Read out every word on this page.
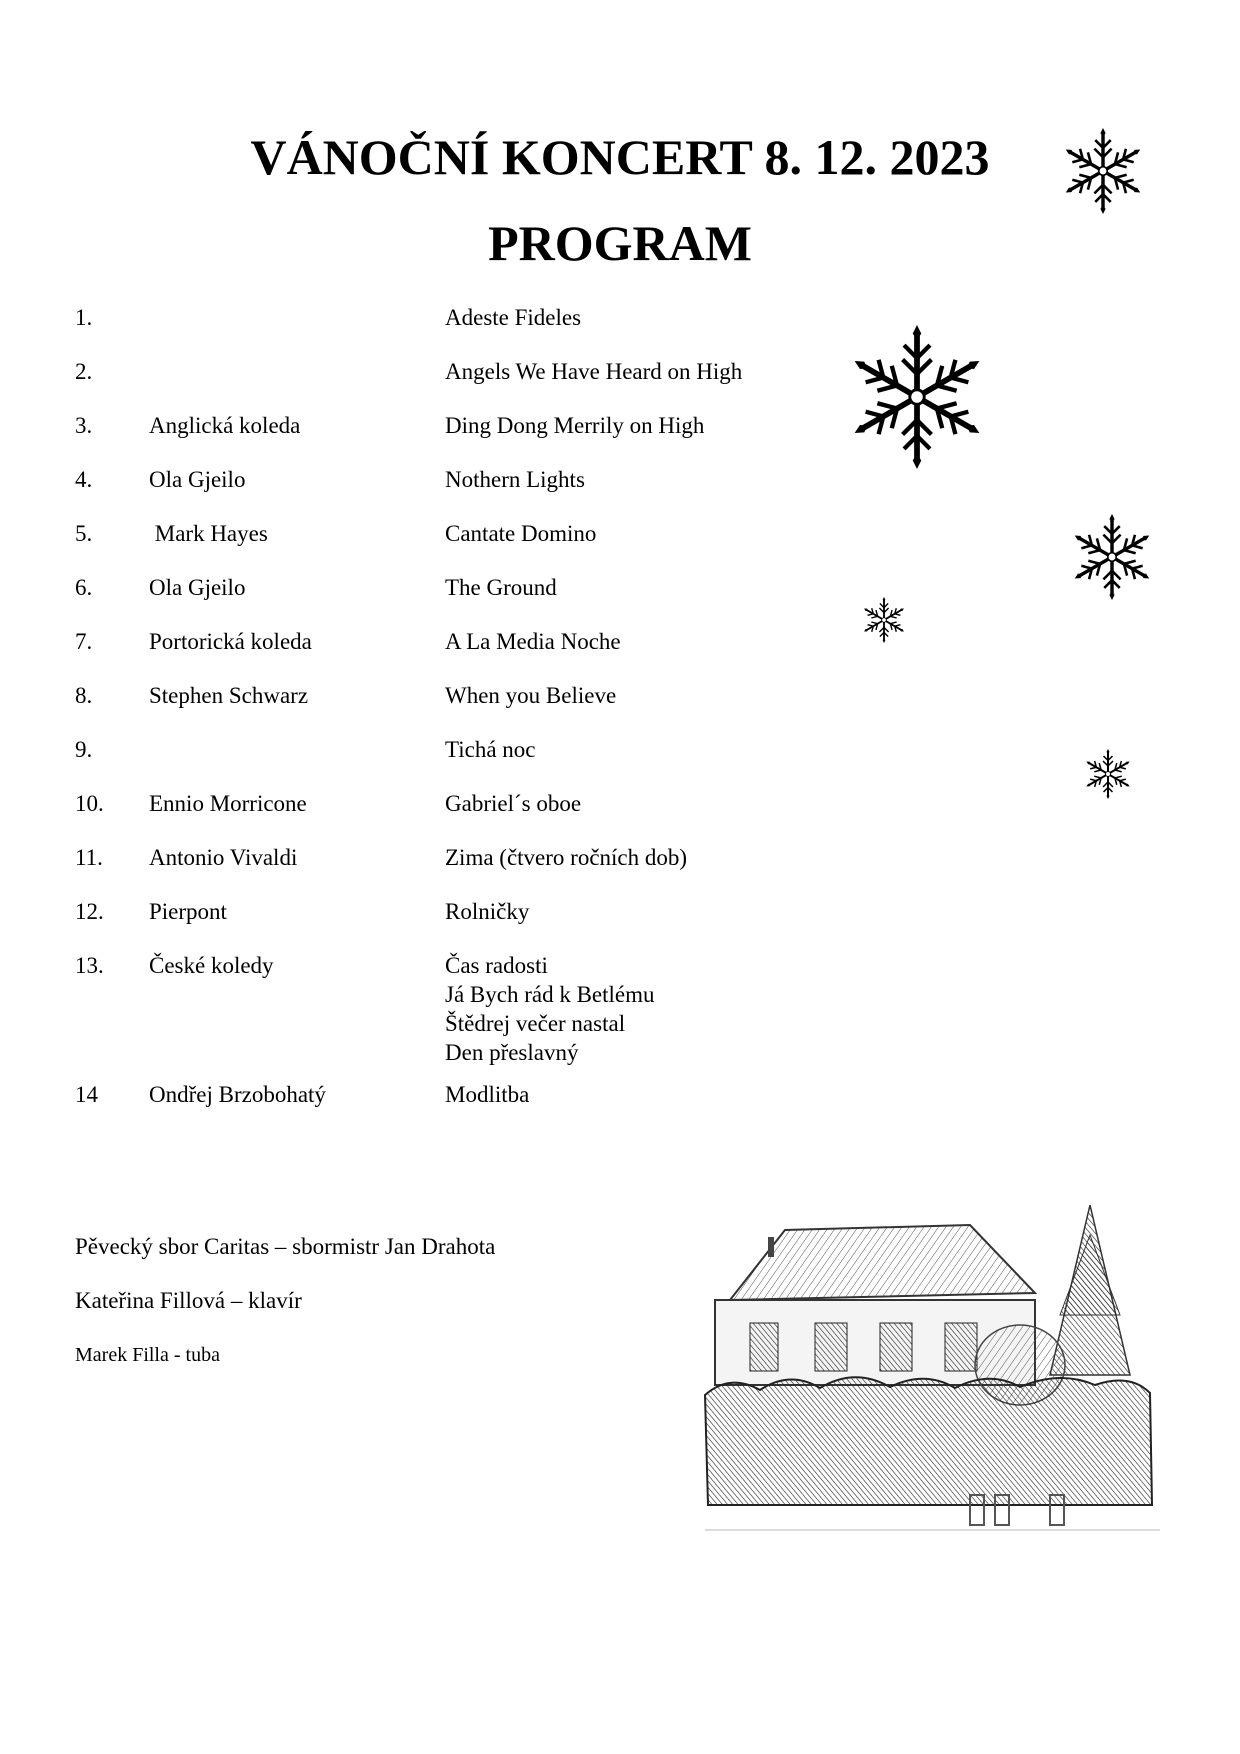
VÁNOČNÍ KONCERT 8. 12. 2023
PROGRAM
1.	Adeste Fideles
2.	Angels We Have Heard on High
3. Anglická koleda	Ding Dong Merrily on High
4. Ola Gjeilo	Nothern Lights
5. Mark Hayes	Cantate Domino
6. Ola Gjeilo	The Ground
7. Portorická koleda	A La Media Noche
8. Stephen Schwarz	When you Believe
9.	Tichá noc
10. Ennio Morricone	Gabriel´s oboe
11. Antonio Vivaldi	Zima (čtvero ročních dob)
12. Pierpont	Rolničky
13. České koledy	Čas radosti
Já Bych rád k Betlému
Štědrej večer nastal
Den přeslavný
14 Ondřej Brzobohatý	Modlitba
Pěvecký sbor Caritas – sbormistr Jan Drahota
Kateřina Fillová – klavír
Marek Filla - tuba
